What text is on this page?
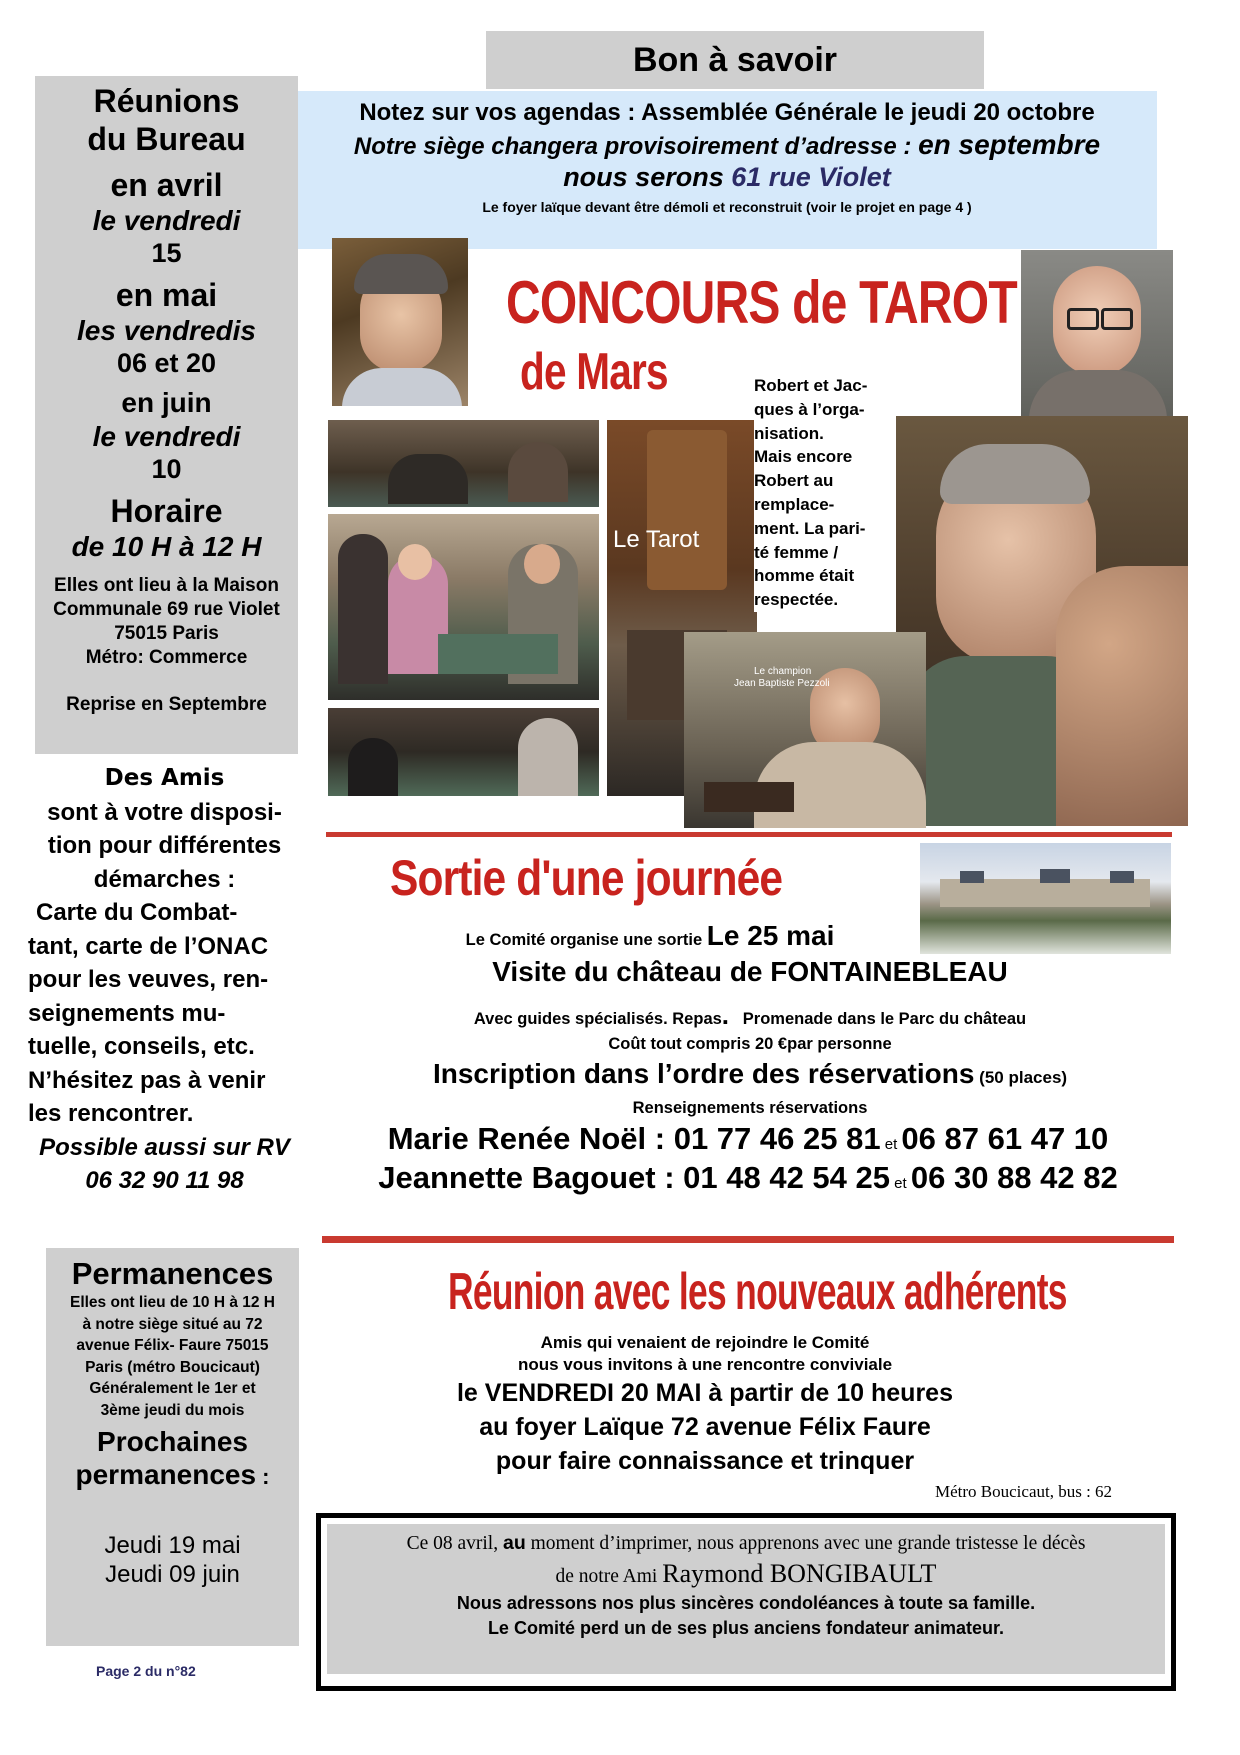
Bon à savoir
Notez sur vos agendas : Assemblée Générale le jeudi 20 octobre
Notre siège changera provisoirement d’adresse : en septembre
nous serons 61 rue Violet
Le foyer laïque devant être démoli et reconstruit (voir le projet en page 4 )
Réunions
du Bureau
en avril
le vendredi
15
en mai
les vendredis
06 et 20
en juin
le vendredi
10
Horaire
de 10 H à 12 H
Elles ont lieu à la Maison
Communale 69 rue Violet
75015 Paris
Métro: Commerce
Reprise en Septembre
Des Amis
sont à votre disposi-
tion pour différentes
démarches :
Carte du Combat-
tant, carte de l’ONAC
pour les veuves, ren-
seignements mu-
tuelle, conseils, etc.
N’hésitez pas à venir
les rencontrer.
Possible aussi sur RV
06 32 90 11 98
Permanences
Elles ont lieu de 10 H à 12 H
à notre siège situé au 72
avenue Félix- Faure 75015
Paris (métro Boucicaut)
Généralement le 1er et
3ème jeudi du mois
Prochaines
permanences :
Jeudi 19 mai
Jeudi 09 juin
Page 2 du n°82
CONCOURS de TAROT
de Mars
Le Tarot
Robert et Jac-
ques à l’orga-
nisation.
Mais encore
Robert au
remplace-
ment. La pari-
té femme /
homme était
respectée.
Le champion
Jean Baptiste Pezzoli
Sortie d'une journée
Le Comité organise une sortie Le 25 mai
Visite du château de FONTAINEBLEAU
Avec guides spécialisés. Repas.   Promenade dans le Parc du château
Coût tout compris 20 €par personne
Inscription dans l’ordre des réservations (50 places)
Renseignements réservations
Marie Renée Noël : 01 77 46 25 81 et 06 87 61 47 10
Jeannette Bagouet : 01 48 42 54 25 et 06 30 88 42 82
Réunion avec les nouveaux adhérents
Amis qui venaient de rejoindre le Comité
nous vous invitons à une rencontre conviviale
le VENDREDI 20 MAI à partir de 10 heures
au foyer Laïque 72 avenue Félix Faure
pour faire connaissance et trinquer
Métro Boucicaut, bus : 62
Ce 08 avril, au moment d’imprimer, nous apprenons avec une grande tristesse le décès
de notre Ami Raymond BONGIBAULT
Nous adressons nos plus sincères condoléances à toute sa famille.
Le Comité perd un de ses plus anciens fondateur animateur.
